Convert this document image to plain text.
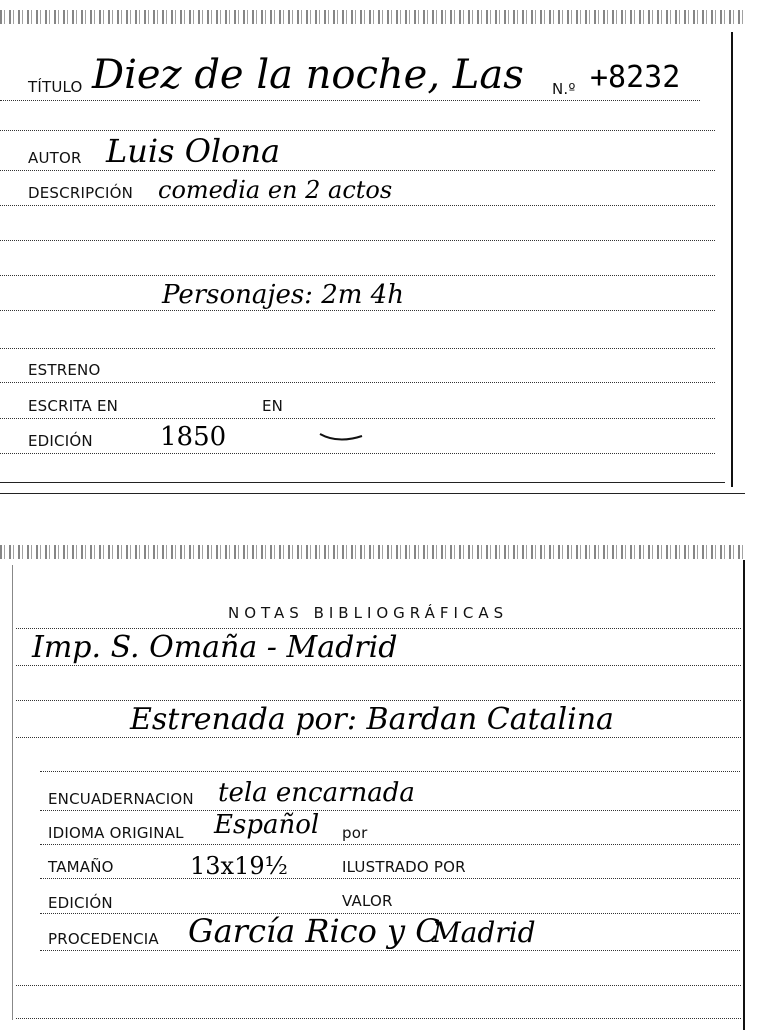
TÍTULO Diez de la noche, Las N.º +8232
AUTOR Luis Olona
DESCRIPCIÓN comedia en 2 actos
Personajes: 2m 4h
ESTRENO
ESCRITA EN	EN
EDICIÓN	1850
NOTAS BIBLIOGRÁFICAS
Imp. S. Omaña - Madrid
Estrenada por: Bardan Catalina
ENCUADERNACION tela encarnada
IDIOMA ORIGINAL Español por
TAMAÑO	13x19½	ILUSTRADO POR
EDICIÓN	VALOR
PROCEDENCIA García Rico y C
Madrid
